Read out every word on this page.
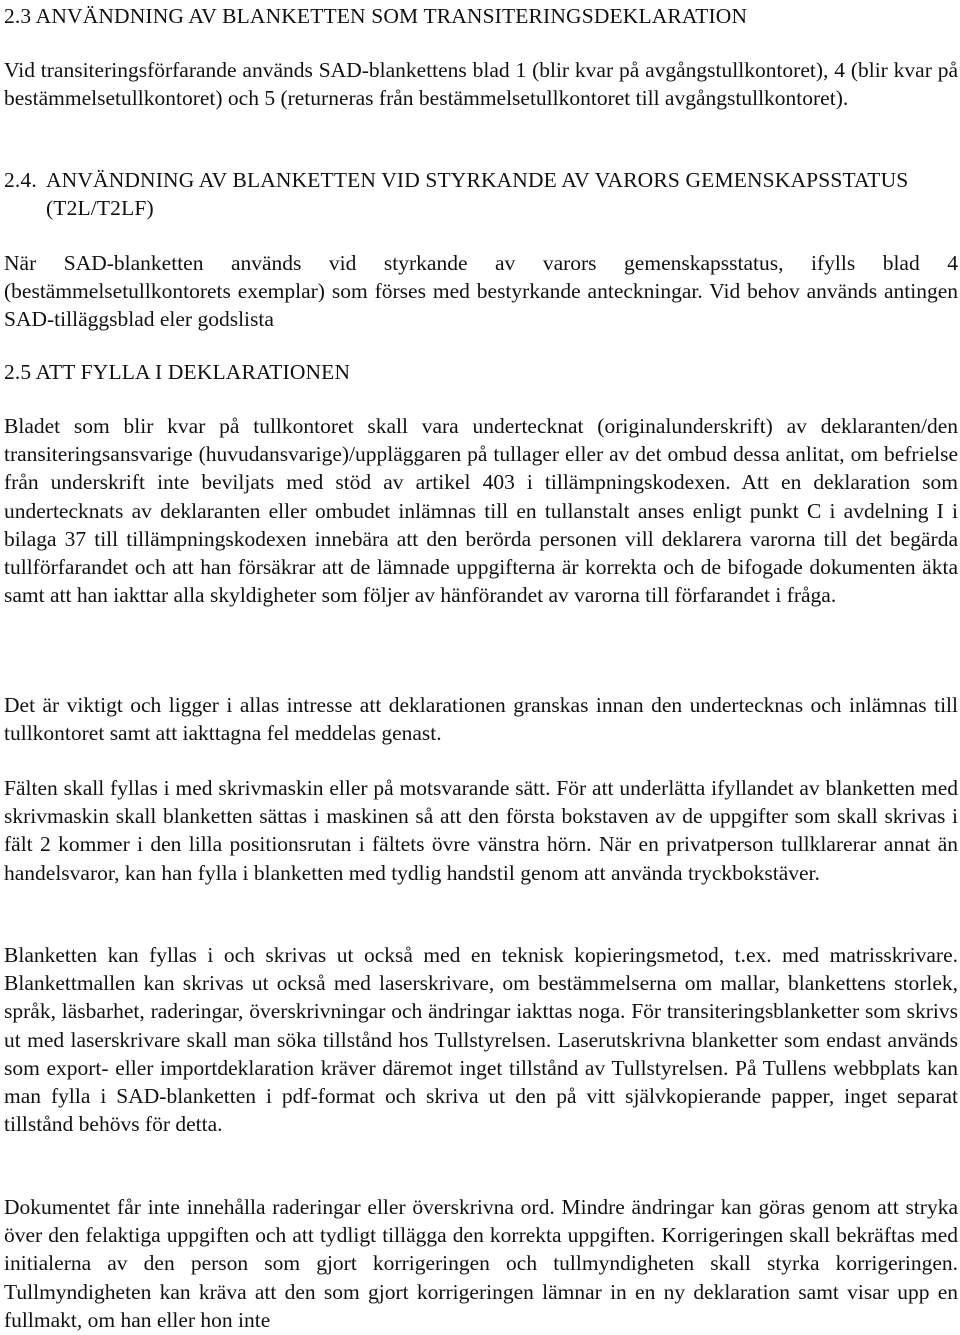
2.3 ANVÄNDNING AV BLANKETTEN SOM TRANSITERINGSDEKLARATION

Vid transiteringsförfarande används SAD-blankettens blad 1 (blir kvar på avgångstullkontoret), 4 (blir kvar på bestämmelsetullkontoret) och 5 (returneras från bestämmelsetullkontoret till avgångstullkontoret).

2.4. ANVÄNDNING AV BLANKETTEN VID STYRKANDE AV VARORS GEMENSKAPSSTATUS (T2L/T2LF)

När SAD-blanketten används vid styrkande av varors gemenskapsstatus, ifylls blad 4 (bestämmelsetullkontorets exemplar) som förses med bestyrkande anteckningar. Vid behov används antingen SAD-tilläggsblad eler godslista

2.5 ATT FYLLA I DEKLARATIONEN

Bladet som blir kvar på tullkontoret skall vara undertecknat (originalunderskrift) av deklaranten/den transiteringsansvarige (huvudansvarige)/uppläggaren på tullager eller av det ombud dessa anlitat, om befrielse från underskrift inte beviljats med stöd av artikel 403 i tillämpningskodexen. Att en deklaration som undertecknats av deklaranten eller ombudet inlämnas till en tullanstalt anses enligt punkt C i avdelning I i bilaga 37 till tillämpningskodexen innebära att den berörda personen vill deklarera varorna till det begärda tullförfarandet och att han försäkrar att de lämnade uppgifterna är korrekta och de bifogade dokumenten äkta samt att han iakttar alla skyldigheter som följer av hänförandet av varorna till förfarandet i fråga.

Det är viktigt och ligger i allas intresse att deklarationen granskas innan den undertecknas och inlämnas till tullkontoret samt att iakttagna fel meddelas genast.

Fälten skall fyllas i med skrivmaskin eller på motsvarande sätt. För att underlätta ifyllandet av blanketten med skrivmaskin skall blanketten sättas i maskinen så att den första bokstaven av de uppgifter som skall skrivas i fält 2 kommer i den lilla positionsrutan i fältets övre vänstra hörn. När en privatperson tullklarerar annat än handelsvaror, kan han fylla i blanketten med tydlig handstil genom att använda tryckbokstäver.

Blanketten kan fyllas i och skrivas ut också med en teknisk kopieringsmetod, t.ex. med matrisskrivare. Blankettmallen kan skrivas ut också med laserskrivare, om bestämmelserna om mallar, blankettens storlek, språk, läsbarhet, raderingar, överskrivningar och ändringar iakttas noga. För transiteringsblanketter som skrivs ut med laserskrivare skall man söka tillstånd hos Tullstyrelsen. Laserutskrivna blanketter som endast används som export- eller importdeklaration kräver däremot inget tillstånd av Tullstyrelsen. På Tullens webbplats kan man fylla i SAD-blanketten i pdf-format och skriva ut den på vitt självkopierande papper, inget separat tillstånd behövs för detta.

Dokumentet får inte innehålla raderingar eller överskrivna ord. Mindre ändringar kan göras genom att stryka över den felaktiga uppgiften och att tydligt tillägga den korrekta uppgiften. Korrigeringen skall bekräftas med initialerna av den person som gjort korrigeringen och tullmyndigheten skall styrka korrigeringen. Tullmyndigheten kan kräva att den som gjort korrigeringen lämnar in en ny deklaration samt visar upp en fullmakt, om han eller hon inte
